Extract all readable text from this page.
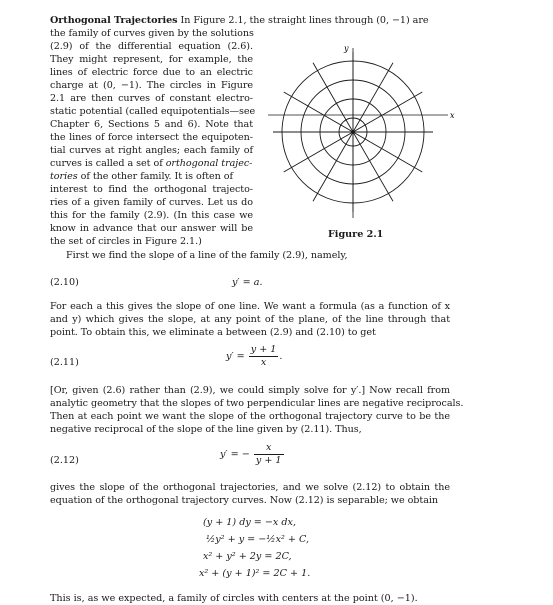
Orthogonal Trajectories In Figure 2.1, the straight lines through (0, −1) are
the family of curves given by the solutions
(2.9) of the differential equation (2.6).
They might represent, for example, the
lines of electric force due to an electric
charge at (0, −1). The circles in Figure
2.1 are then curves of constant electro-
static potential (called equipotentials—see
Chapter 6, Sections 5 and 6). Note that
the lines of force intersect the equipoten-
tial curves at right angles; each family of
curves is called a set of orthogonal trajec-
tories of the other family. It is often of
interest to find the orthogonal trajecto-
ries of a given family of curves. Let us do
this for the family (2.9). (In this case we
know in advance that our answer will be
the set of circles in Figure 2.1.)
First we find the slope of a line of the family (2.9), namely,
x
y
Figure 2.1
(2.10)	y′ = a.
For each a this gives the slope of one line. We want a formula (as a function of x
and y) which gives the slope, at any point of the plane, of the line through that
point. To obtain this, we eliminate a between (2.9) and (2.10) to get
(2.11)
$y' = \frac{y + 1}{x}$ .
[Or, given (2.6) rather than (2.9), we could simply solve for y′.] Now recall from
analytic geometry that the slopes of two perpendicular lines are negative reciprocals.
Then at each point we want the slope of the orthogonal trajectory curve to be the
negative reciprocal of the slope of the line given by (2.11). Thus,
(2.12)
y′ = − $\frac{x}{y + 1}$
gives the slope of the orthogonal trajectories, and we solve (2.12) to obtain the
equation of the orthogonal trajectory curves. Now (2.12) is separable; we obtain
(y + 1) dy = −x dx,
½y² + y = −½x² + C,
x² + y² + 2y = 2C,
x² + (y + 1)² = 2C + 1.
This is, as we expected, a family of circles with centers at the point (0, −1).
